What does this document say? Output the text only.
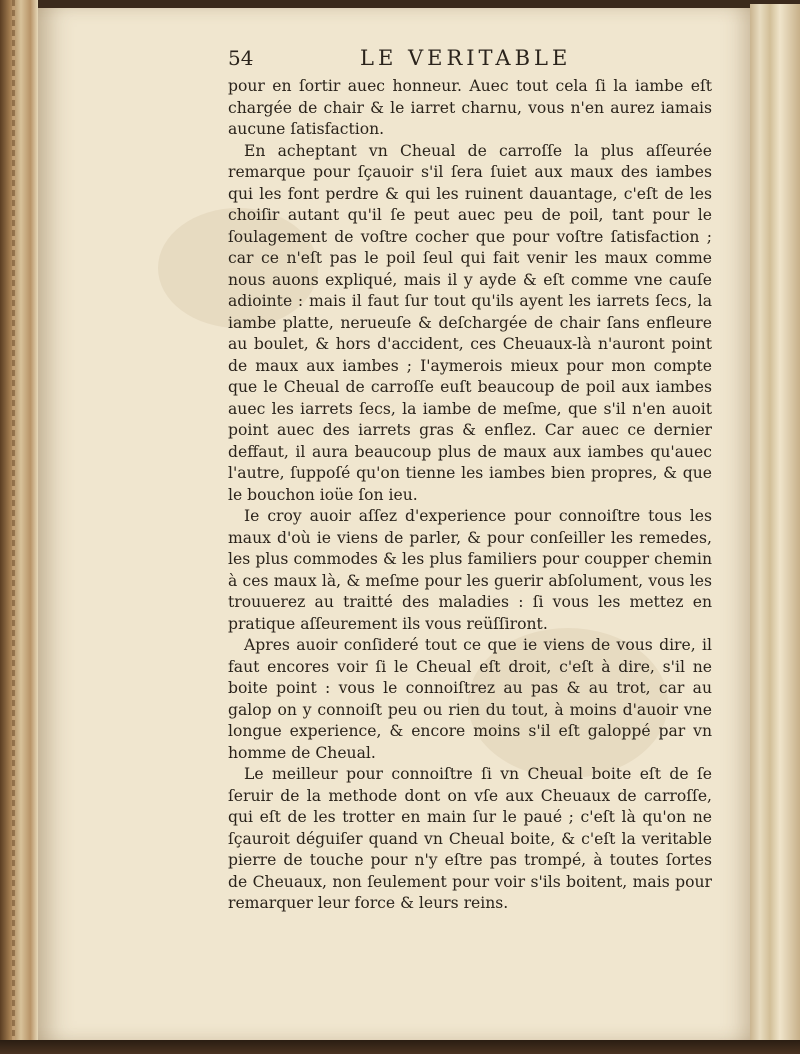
54	LE VERITABLE

pour en ſortir auec honneur. Auec tout cela ſi la iambe eſt chargée de chair & le iarret charnu, vous n'en aurez iamais aucune ſatisfaction.

En acheptant vn Cheual de carroſſe la plus aſſeurée remarque pour ſçauoir s'il ſera ſuiet aux maux des iambes qui les font perdre & qui les ruinent dauantage, c'eſt de les choiſir autant qu'il ſe peut auec peu de poil, tant pour le ſoulagement de voſtre cocher que pour voſtre ſatisfaction ; car ce n'eſt pas le poil ſeul qui fait venir les maux comme nous auons expliqué, mais il y ayde & eſt comme vne cauſe adiointe : mais il faut ſur tout qu'ils ayent les iarrets ſecs, la iambe platte, nerueuſe & deſchargée de chair ſans enfleure au boulet, & hors d'accident, ces Cheuaux-là n'auront point de maux aux iambes ; I'aymerois mieux pour mon compte que le Cheual de carroſſe euſt beaucoup de poil aux iambes auec les iarrets ſecs, la iambe de meſme, que s'il n'en auoit point auec des iarrets gras & enflez. Car auec ce dernier deffaut, il aura beaucoup plus de maux aux iambes qu'auec l'autre, ſuppoſé qu'on tienne les iambes bien propres, & que le bouchon ioüe ſon ieu.

Ie croy auoir aſſez d'experience pour connoiſtre tous les maux d'où ie viens de parler, & pour conſeiller les remedes, les plus commodes & les plus familiers pour coupper chemin à ces maux là, & meſme pour les guerir abſolument, vous les trouuerez au traitté des maladies : ſi vous les mettez en pratique aſſeurement ils vous reüſſiront.

Apres auoir conſideré tout ce que ie viens de vous dire, il faut encores voir ſi le Cheual eſt droit, c'eſt à dire, s'il ne boite point : vous le connoiſtrez au pas & au trot, car au galop on y connoiſt peu ou rien du tout, à moins d'auoir vne longue experience, & encore moins s'il eſt galoppé par vn homme de Cheual.

Le meilleur pour connoiſtre ſi vn Cheual boite eſt de ſe ſeruir de la methode dont on vſe aux Cheuaux de carroſſe, qui eſt de les trotter en main ſur le paué ; c'eſt là qu'on ne ſçauroit déguiſer quand vn Cheual boite, & c'eſt la veritable pierre de touche pour n'y eſtre pas trompé, à toutes ſortes de Cheuaux, non ſeulement pour voir s'ils boitent, mais pour remarquer leur force & leurs reins.
